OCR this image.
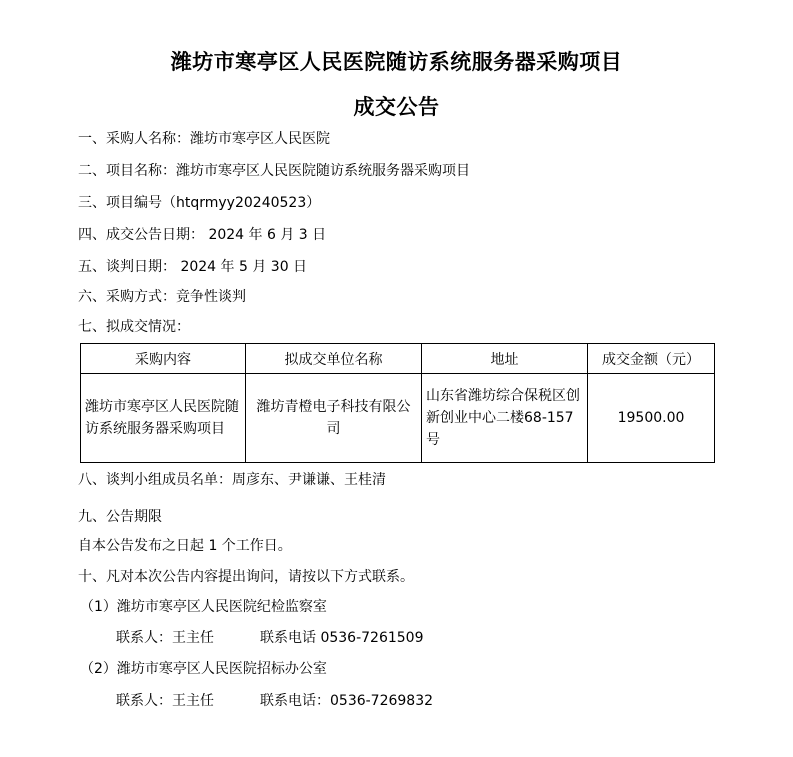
潍坊市寒亭区人民医院随访系统服务器采购项目
成交公告
一、采购人名称：潍坊市寒亭区人民医院
二、项目名称：潍坊市寒亭区人民医院随访系统服务器采购项目
三、项目编号（htqrmyy20240523）
四、成交公告日期： 2024 年 6 月 3 日
五、谈判日期： 2024 年 5 月 30 日
六、采购方式：竞争性谈判
七、拟成交情况：
采购内容	拟成交单位名称	地址	成交金额（元）
潍坊市寒亭区人民医院随访系统服务器采购项目	潍坊青橙电子科技有限公司	山东省潍坊综合保税区创新创业中心二楼68-157号	19500.00
八、谈判小组成员名单：周彦东、尹谦谦、王桂清
九、公告期限
自本公告发布之日起 1 个工作日。
十、凡对本次公告内容提出询问，请按以下方式联系。
（1）潍坊市寒亭区人民医院纪检监察室
联系人：王主任	联系电话 0536-7261509
（2）潍坊市寒亭区人民医院招标办公室
联系人：王主任	联系电话：0536-7269832
